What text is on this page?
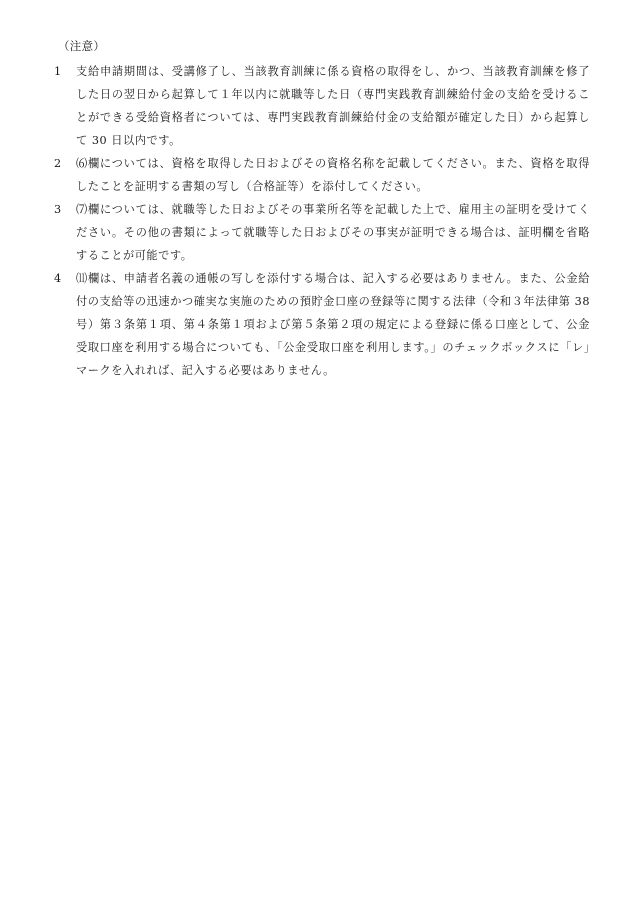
（注意）
1	支給申請期間は、受講修了し、当該教育訓練に係る資格の取得をし、かつ、当該教育訓練を修了した日の翌日から起算して１年以内に就職等した日（専門実践教育訓練給付金の支給を受けることができる受給資格者については、専門実践教育訓練給付金の支給額が確定した日）から起算して 30 日以内です。
2	⑹欄については、資格を取得した日およびその資格名称を記載してください。また、資格を取得したことを証明する書類の写し（合格証等）を添付してください。
3	⑺欄については、就職等した日およびその事業所名等を記載した上で、雇用主の証明を受けてください。その他の書類によって就職等した日およびその事実が証明できる場合は、証明欄を省略することが可能です。
4	⑾欄は、申請者名義の通帳の写しを添付する場合は、記入する必要はありません。また、公金給付の支給等の迅速かつ確実な実施のための預貯金口座の登録等に関する法律（令和３年法律第 38 号）第３条第１項、第４条第１項および第５条第２項の規定による登録に係る口座として、公金受取口座を利用する場合についても、「公金受取口座を利用します。」のチェックボックスに「レ」マークを入れれば、記入する必要はありません。
